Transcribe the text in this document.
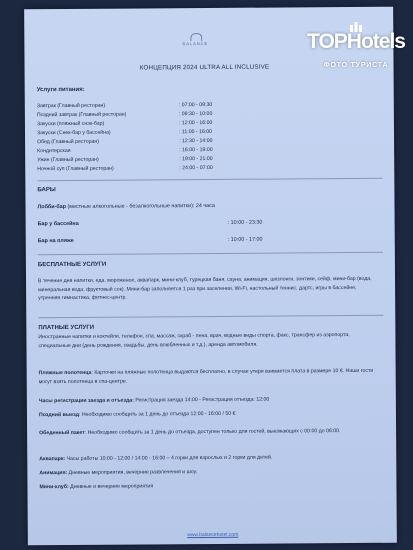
BALANCE
КОНЦЕПЦИЯ 2024 ULTRA ALL INCLUSIVE
Услуги питания:
Завтрак (Главный ресторан)	: 07:00 - 09:30
Поздний завтрак (Главный ресторан)	: 09:30 - 10:00
Закуски (пляжный снэк-бар)	: 12:00 - 16:00
Закуски (Снек-бар у бассейна)	: 11:00 - 16:00
Обед (Главный ресторан)	: 12:30 - 14:00
Кондитерская	: 16:00 - 19:00
Ужин (Главный ресторан)	: 19:00 - 21:00
Ночной суп (Главный ресторан)	: 24:00 - 07:00
БАРЫ
Лобби-бар (местные алкогольные - безалкогольные напитки): 24 часа
Бар у бассейна	: 10:00 - 23:30
Бар на пляже	: 10:00 - 17:00
БЕСПЛАТНЫЕ УСЛУГИ
В течение дня напитки, еда, мороженое, аквапарк, мини-клуб, турецкая баня, сауна, анимация, шезлонги, зонтики, сейф, мини-бар (вода, минеральная вода, фруктовый сок). Мини-бар заполняется 1 раз при заселении, Wi-Fi, настольный теннис, дартс, игры в бассейне, утренняя гимнастика, фитнес-центр.
ПЛАТНЫЕ УСЛУГИ
Иностранные напитки и коктейли, телефон, спа, массаж, скраб - пена, врач, водные виды спорта, факс, трансфер из аэропорта, специальные дни (день рождения, свадьбы, день влюбленных и т.д.), аренда автомобиля.
Пляжные полотенца: Карточки на пляжные полотенца выдаются бесплатно, в случае утери взимается плата в размере 10 €. Наши гости могут взять полотенца в спа-центре.
Часы регистрации заезда и отъезда: Регистрация заезда 14:00 - Регистрация отъезда: 12:00
Поздний выезд: Необходимо сообщить за 1 день до отъезда 12:00 - 16:00 / 50 €
Обеденный пакет: Необходимо сообщить за 1 день до отъезда, доступен только для гостей, выезжающих с 00:00 до 06:00.
Аквапарк: Часы работы 10:00 - 12:00 / 14:00 - 16:00 – 4 горки для взрослых и 2 горки для детей.
Анимация: Дневные мероприятия, вечерние развлечения и шоу.
Мини-клуб: Дневные и вечерние мероприятия
www.balancehotel.com
TOPHotels
ФОТО ТУРИСТА
